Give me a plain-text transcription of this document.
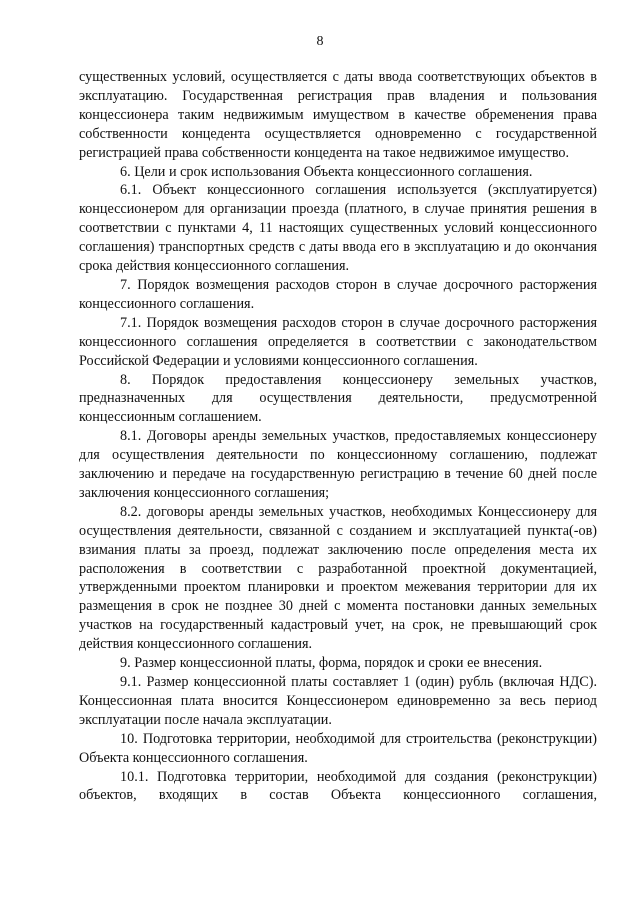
8

существенных условий, осуществляется с даты ввода соответствующих объектов в эксплуатацию. Государственная регистрация прав владения и пользования концессионера таким недвижимым имуществом в качестве обременения права собственности концедента осуществляется одновременно с государственной регистрацией права собственности концедента на такое недвижимое имущество.

6. Цели и срок использования Объекта концессионного соглашения.

6.1. Объект концессионного соглашения используется (эксплуатируется) концессионером для организации проезда (платного, в случае принятия решения в соответствии с пунктами 4, 11 настоящих существенных условий концессионного соглашения) транспортных средств с даты ввода его в эксплуатацию и до окончания срока действия концессионного соглашения.

7. Порядок возмещения расходов сторон в случае досрочного расторжения концессионного соглашения.

7.1. Порядок возмещения расходов сторон в случае досрочного расторжения концессионного соглашения определяется в соответствии с законодательством Российской Федерации и условиями концессионного соглашения.

8. Порядок предоставления концессионеру земельных участков, предназначенных для осуществления деятельности, предусмотренной концессионным соглашением.

8.1. Договоры аренды земельных участков, предоставляемых концессионеру для осуществления деятельности по концессионному соглашению, подлежат заключению и передаче на государственную регистрацию в течение 60 дней после заключения концессионного соглашения;

8.2. договоры аренды земельных участков, необходимых Концессионеру для осуществления деятельности, связанной с созданием и эксплуатацией пункта(-ов) взимания платы за проезд, подлежат заключению после определения места их расположения в соответствии с разработанной проектной документацией, утвержденными проектом планировки и проектом межевания территории для их размещения в срок не позднее 30 дней с момента постановки данных земельных участков на государственный кадастровый учет, на срок, не превышающий срок действия концессионного соглашения.

9. Размер концессионной платы, форма, порядок и сроки ее внесения.

9.1. Размер концессионной платы составляет 1 (один) рубль (включая НДС). Концессионная плата вносится Концессионером единовременно за весь период эксплуатации после начала эксплуатации.

10. Подготовка территории, необходимой для строительства (реконструкции) Объекта концессионного соглашения.

10.1. Подготовка территории, необходимой для создания (реконструкции) объектов, входящих в состав Объекта концессионного соглашения,
